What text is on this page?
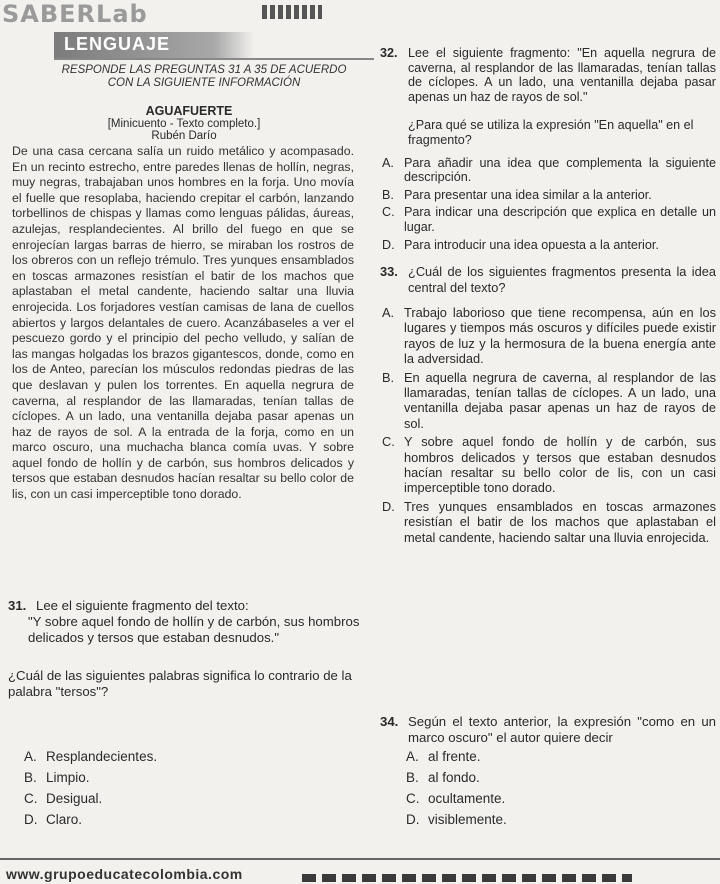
SABERLab
LENGUAJE
RESPONDE LAS PREGUNTAS 31 A 35 DE ACUERDO CON LA SIGUIENTE INFORMACIÓN
AGUAFUERTE
[Minicuento - Texto completo.]
Rubén Darío

De una casa cercana salía un ruido metálico y acompasado. En un recinto estrecho, entre paredes llenas de hollín, negras, muy negras, trabajaban unos hombres en la forja. Uno movía el fuelle que resoplaba, haciendo crepitar el carbón, lanzando torbellinos de chispas y llamas como lenguas pálidas, áureas, azulejas, resplandecientes. Al brillo del fuego en que se enrojecían largas barras de hierro, se miraban los rostros de los obreros con un reflejo trémulo. Tres yunques ensamblados en toscas armazones resistían el batir de los machos que aplastaban el metal candente, haciendo saltar una lluvia enrojecida. Los forjadores vestían camisas de lana de cuellos abiertos y largos delantales de cuero. Acanzábaseles a ver el pescuezo gordo y el principio del pecho velludo, y salían de las mangas holgadas los brazos gigantescos, donde, como en los de Anteo, parecían los músculos redondas piedras de las que deslavan y pulen los torrentes. En aquella negrura de caverna, al resplandor de las llamaradas, tenían tallas de cíclopes. A un lado, una ventanilla dejaba pasar apenas un haz de rayos de sol. A la entrada de la forja, como en un marco oscuro, una muchacha blanca comía uvas. Y sobre aquel fondo de hollín y de carbón, sus hombros delicados y tersos que estaban desnudos hacían resaltar su bello color de lis, con un casi imperceptible tono dorado.

31. Lee el siguiente fragmento del texto:
"Y sobre aquel fondo de hollín y de carbón, sus hombros delicados y tersos que estaban desnudos."
¿Cuál de las siguientes palabras significa lo contrario de la palabra "tersos"?
A. Resplandecientes.
B. Limpio.
C. Desigual.
D. Claro.
32. Lee el siguiente fragmento: "En aquella negrura de caverna, al resplandor de las llamaradas, tenían tallas de cíclopes. A un lado, una ventanilla dejaba pasar apenas un haz de rayos de sol."
¿Para qué se utiliza la expresión "En aquella" en el fragmento?
A. Para añadir una idea que complementa la siguiente descripción.
B. Para presentar una idea similar a la anterior.
C. Para indicar una descripción que explica en detalle un lugar.
D. Para introducir una idea opuesta a la anterior.
33. ¿Cuál de los siguientes fragmentos presenta la idea central del texto?
A. Trabajo laborioso que tiene recompensa, aún en los lugares y tiempos más oscuros y difíciles puede existir rayos de luz y la hermosura de la buena energía ante la adversidad.
B. En aquella negrura de caverna, al resplandor de las llamaradas, tenían tallas de cíclopes. A un lado, una ventanilla dejaba pasar apenas un haz de rayos de sol.
C. Y sobre aquel fondo de hollín y de carbón, sus hombros delicados y tersos que estaban desnudos hacían resaltar su bello color de lis, con un casi imperceptible tono dorado.
D. Tres yunques ensamblados en toscas armazones resistían el batir de los machos que aplastaban el metal candente, haciendo saltar una lluvia enrojecida.
34. Según el texto anterior, la expresión "como en un marco oscuro" el autor quiere decir
A. al frente.
B. al fondo.
C. ocultamente.
D. visiblemente.
www.grupoeducatecolombia.com
